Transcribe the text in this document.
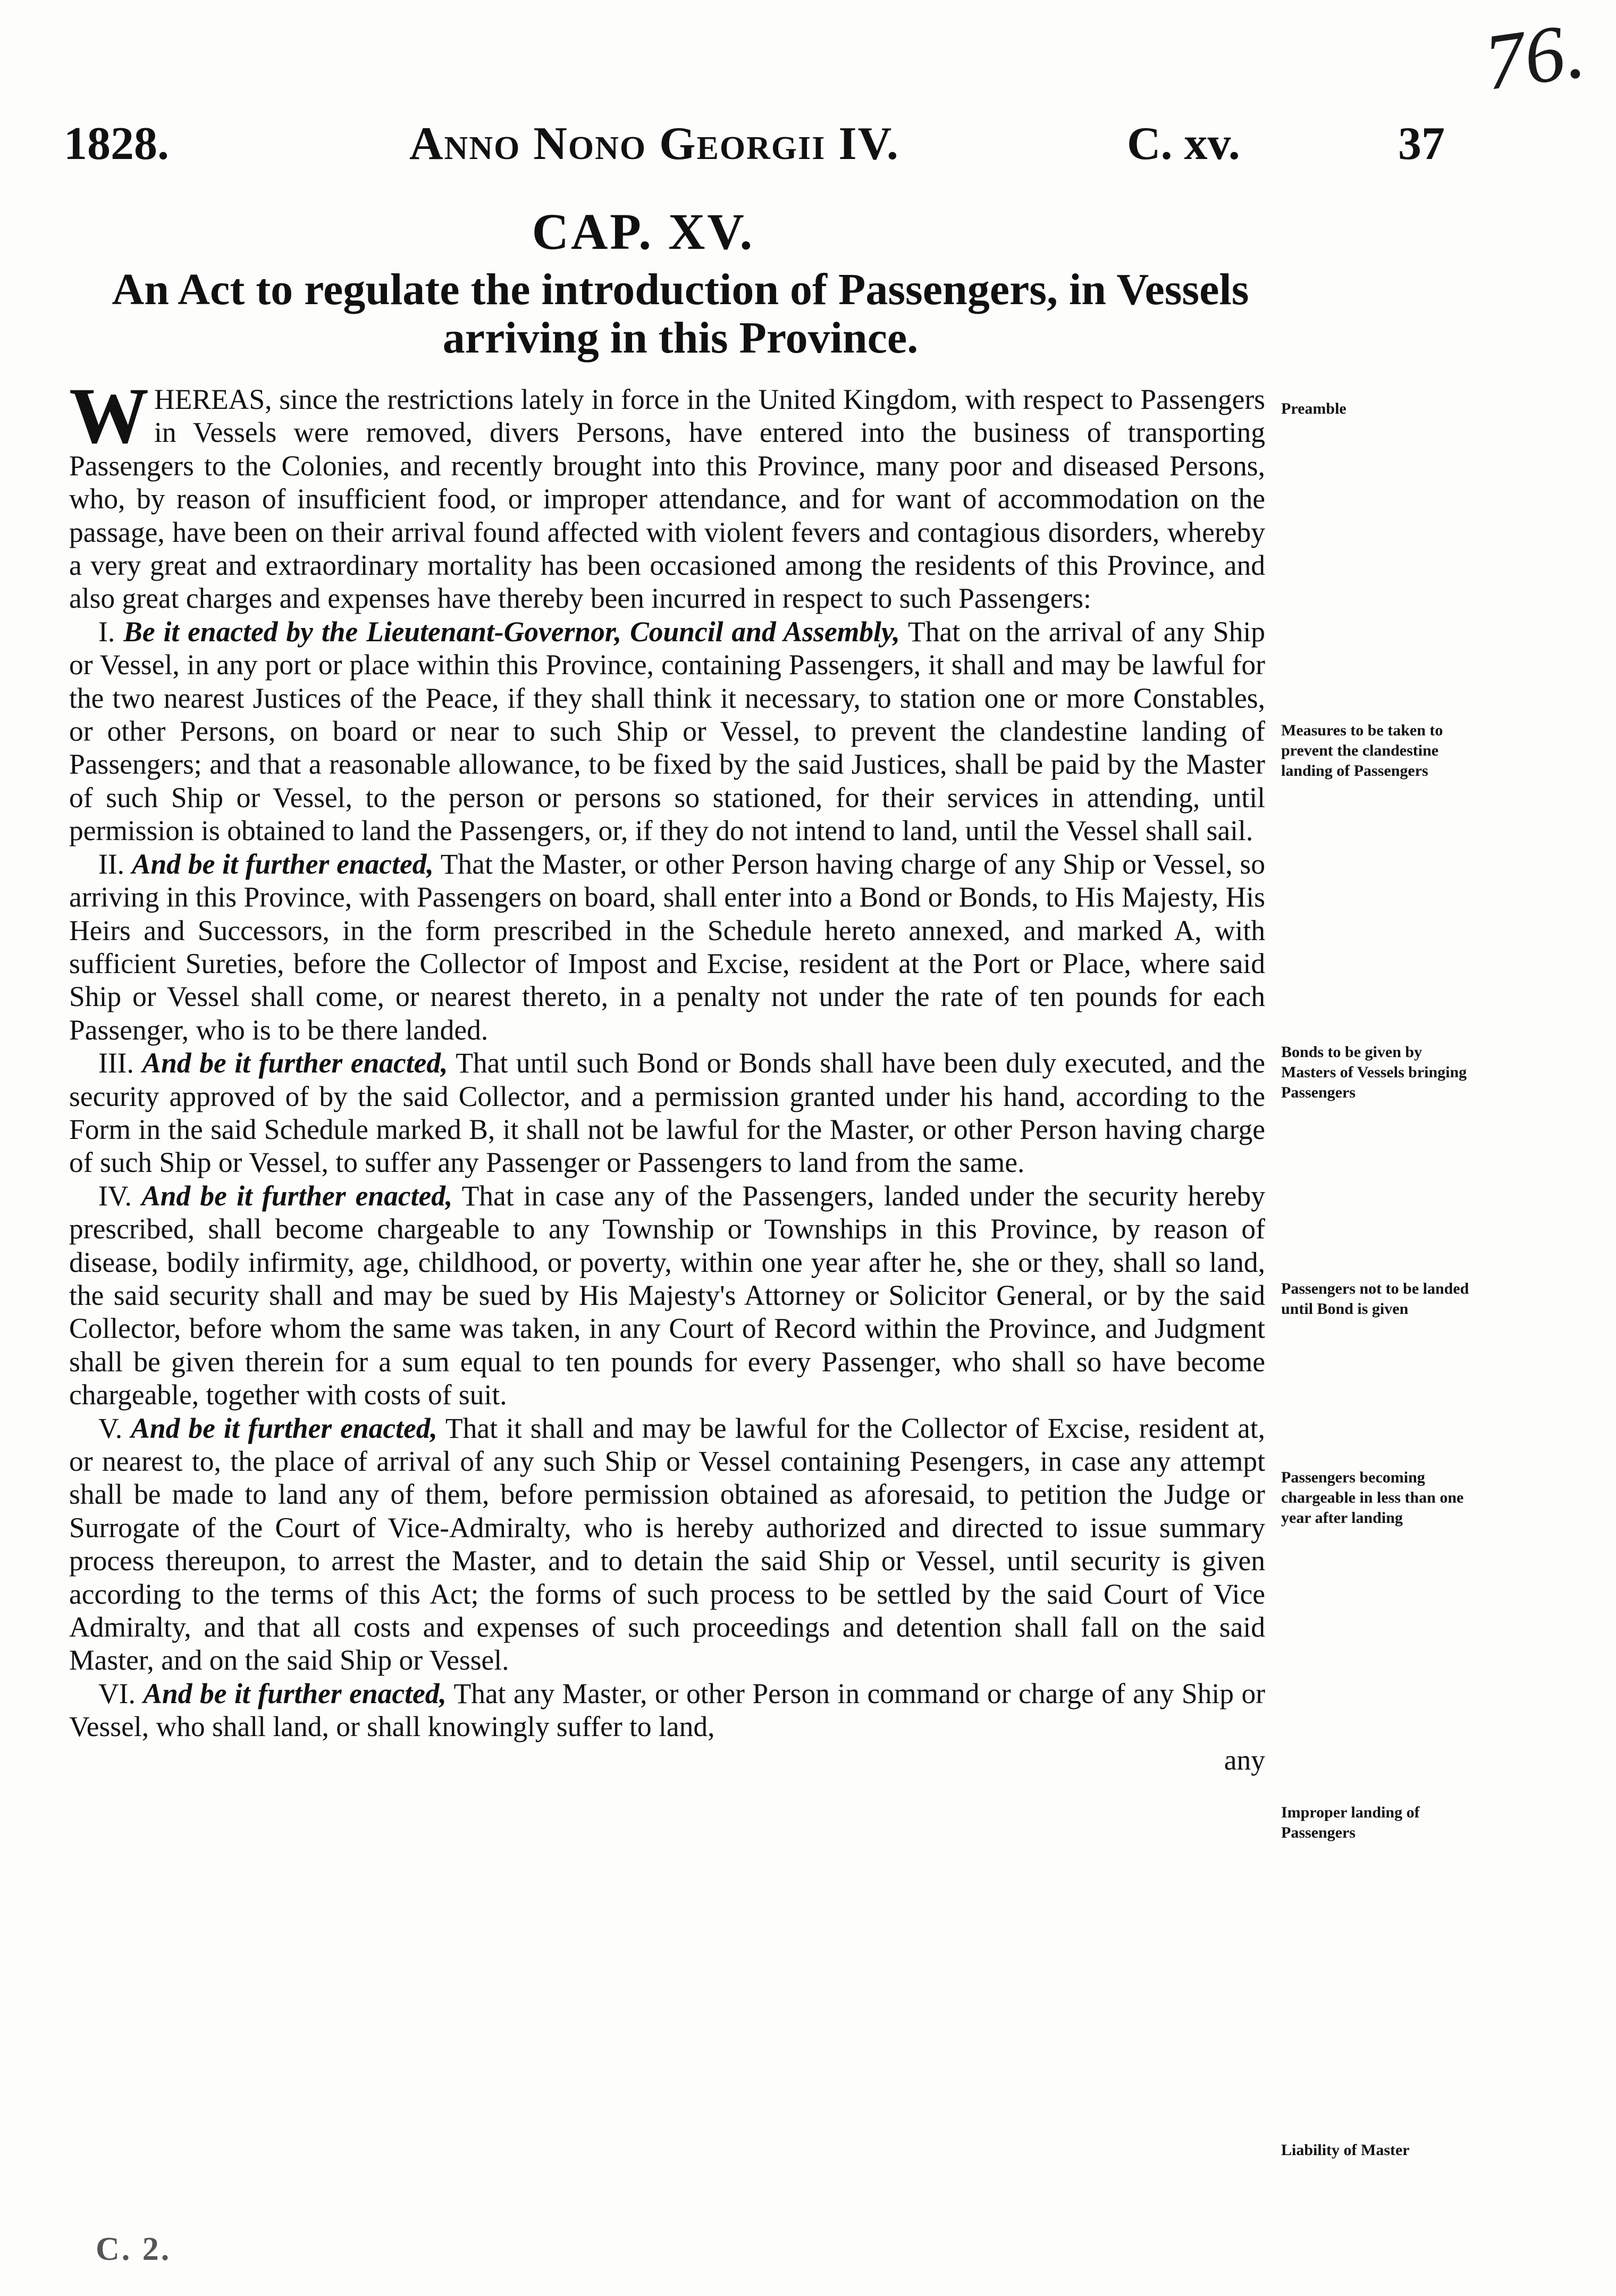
76.
1828.	Anno Nono Georgii IV.	C. xv.	37
CAP. XV.
An Act to regulate the introduction of Passengers, in Vessels arriving in this Province.

WHEREAS, since the restrictions lately in force in the United Kingdom, with respect to Passengers in Vessels were removed, divers Persons, have entered into the business of transporting Passengers to the Colonies, and recently brought into this Province, many poor and diseased Persons, who, by reason of insufficient food, or improper attendance, and for want of accommodation on the passage, have been on their arrival found affected with violent fevers and contagious disorders, whereby a very great and extraordinary mortality has been occasioned among the residents of this Province, and also great charges and expenses have thereby been incurred in respect to such Passengers:

I. Be it enacted by the Lieutenant-Governor, Council and Assembly, That on the arrival of any Ship or Vessel, in any port or place within this Province, containing Passengers, it shall and may be lawful for the two nearest Justices of the Peace, if they shall think it necessary, to station one or more Constables, or other Persons, on board or near to such Ship or Vessel, to prevent the clandestine landing of Passengers; and that a reasonable allowance, to be fixed by the said Justices, shall be paid by the Master of such Ship or Vessel, to the person or persons so stationed, for their services in attending, until permission is obtained to land the Passengers, or, if they do not intend to land, until the Vessel shall sail.

II. And be it further enacted, That the Master, or other Person having charge of any Ship or Vessel, so arriving in this Province, with Passengers on board, shall enter into a Bond or Bonds, to His Majesty, His Heirs and Successors, in the form prescribed in the Schedule hereto annexed, and marked A, with sufficient Sureties, before the Collector of Impost and Excise, resident at the Port or Place, where said Ship or Vessel shall come, or nearest thereto, in a penalty not under the rate of ten pounds for each Passenger, who is to be there landed.

III. And be it further enacted, That until such Bond or Bonds shall have been duly executed, and the security approved of by the said Collector, and a permission granted under his hand, according to the Form in the said Schedule marked B, it shall not be lawful for the Master, or other Person having charge of such Ship or Vessel, to suffer any Passenger or Passengers to land from the same.

IV. And be it further enacted, That in case any of the Passengers, landed under the security hereby prescribed, shall become chargeable to any Township or Townships in this Province, by reason of disease, bodily infirmity, age, childhood, or poverty, within one year after he, she or they, shall so land, the said security shall and may be sued by His Majesty's Attorney or Solicitor General, or by the said Collector, before whom the same was taken, in any Court of Record within the Province, and Judgment shall be given therein for a sum equal to ten pounds for every Passenger, who shall so have become chargeable, together with costs of suit.

V. And be it further enacted, That it shall and may be lawful for the Collector of Excise, resident at, or nearest to, the place of arrival of any such Ship or Vessel containing Pesengers, in case any attempt shall be made to land any of them, before permission obtained as aforesaid, to petition the Judge or Surrogate of the Court of Vice-Admiralty, who is hereby authorized and directed to issue summary process thereupon, to arrest the Master, and to detain the said Ship or Vessel, until security is given according to the terms of this Act; the forms of such process to be settled by the said Court of Vice Admiralty, and that all costs and expenses of such proceedings and detention shall fall on the said Master, and on the said Ship or Vessel.

VI. And be it further enacted, That any Master, or other Person in command or charge of any Ship or Vessel, who shall land, or shall knowingly suffer to land,

any

Preamble
Measures to be taken to prevent the clandestine landing of Passengers
Bonds to be given by Masters of Vessels bringing Passengers
Passengers not to be landed until Bond is given
Passengers becoming chargeable in less than one year after landing
Improper landing of Passengers
Liability of Master
C. 2.
